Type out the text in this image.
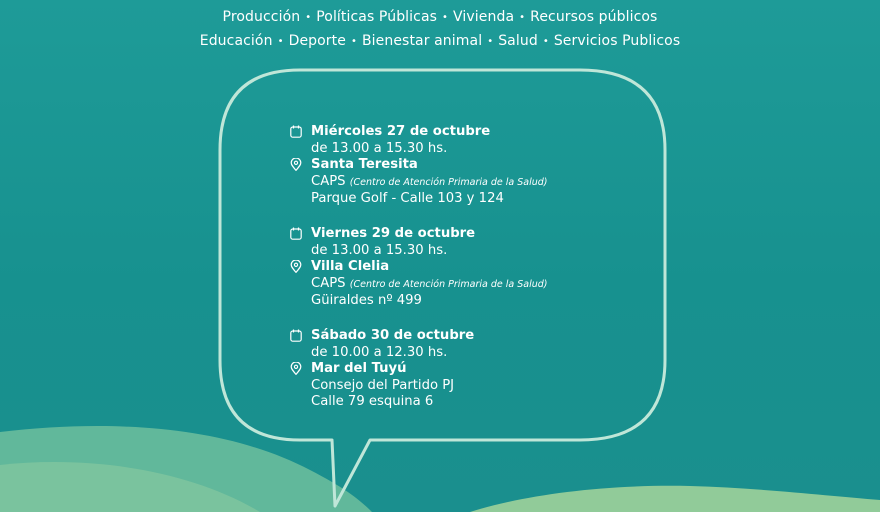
Producción • Políticas Públicas • Vivienda • Recursos públicos
Educación • Deporte • Bienestar animal • Salud • Servicios Publicos
Miércoles 27 de octubre
de 13.00 a 15.30 hs.
Santa Teresita
CAPS (Centro de Atención Primaria de la Salud)
Parque Golf - Calle 103 y 124
Viernes 29 de octubre
de 13.00 a 15.30 hs.
Villa Clelia
CAPS (Centro de Atención Primaria de la Salud)
Güiraldes nº 499
Sábado 30 de octubre
de 10.00 a 12.30 hs.
Mar del Tuyú
Consejo del Partido PJ
Calle 79 esquina 6
